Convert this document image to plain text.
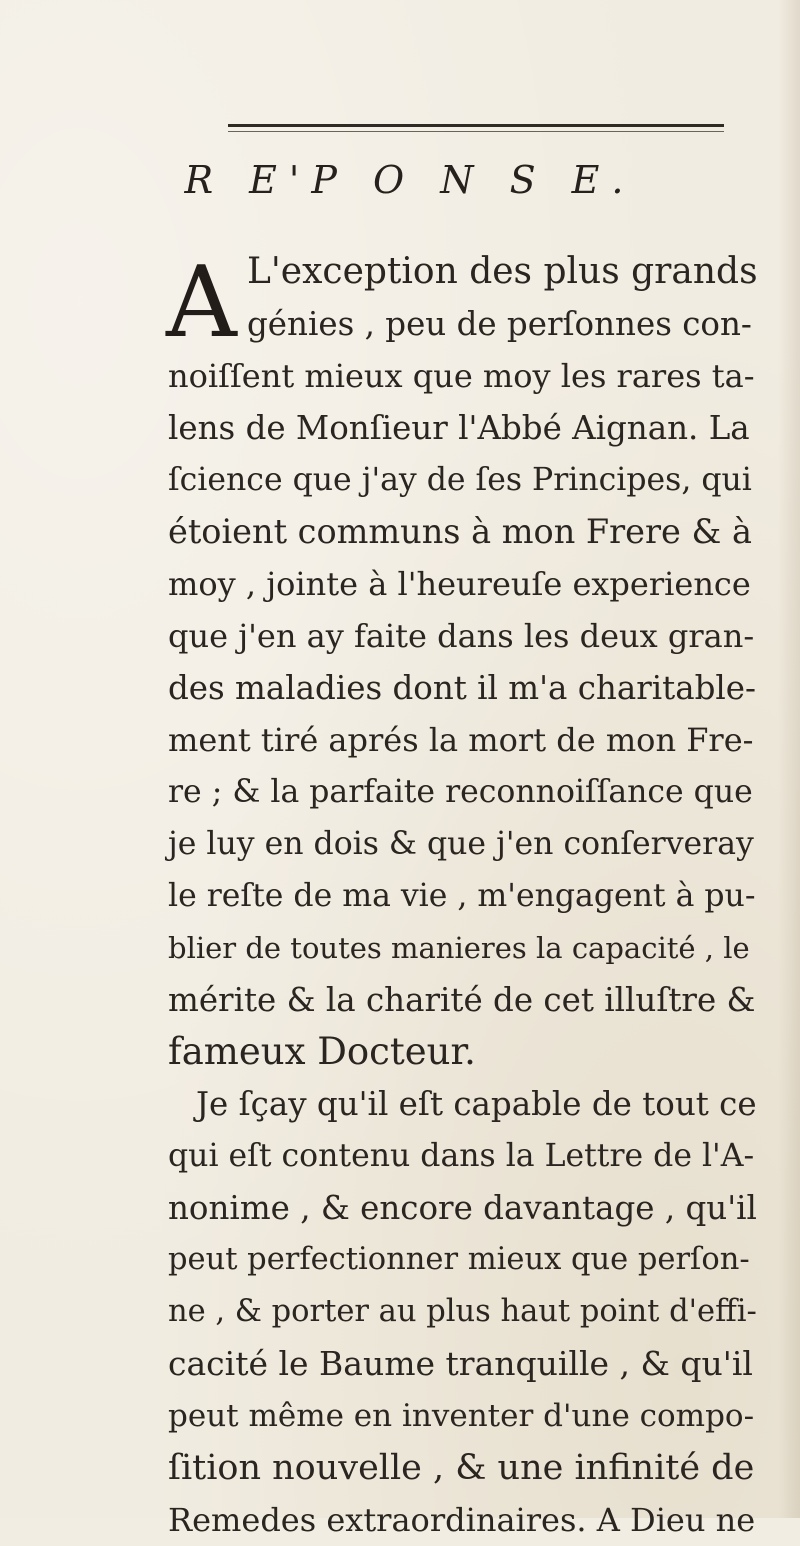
R E'P O N S E.
A L'exception des plus grands
génies , peu de perſonnes con-
noiſſent mieux que moy les rares ta-
lens de Monſieur l'Abbé Aignan. La
ſcience que j'ay de ſes Principes, qui
étoient communs à mon Frere & à
moy , jointe à l'heureuſe experience
que j'en ay faite dans les deux gran-
des maladies dont il m'a charitable-
ment tiré aprés la mort de mon Fre-
re ; & la parfaite reconnoiſſance que
je luy en dois & que j'en conſerveray
le reſte de ma vie , m'engagent à pu-
blier de toutes manieres la capacité , le
mérite & la charité de cet illuſtre &
fameux Docteur.
Je ſçay qu'il eſt capable de tout ce
qui eſt contenu dans la Lettre de l'A-
nonime , & encore davantage , qu'il
peut perfectionner mieux que perſon-
ne , & porter au plus haut point d'effi-
cacité le Baume tranquille , & qu'il
peut même en inventer d'une compo-
ſition nouvelle , & une infinité de
Remedes extraordinaires. A Dieu ne
